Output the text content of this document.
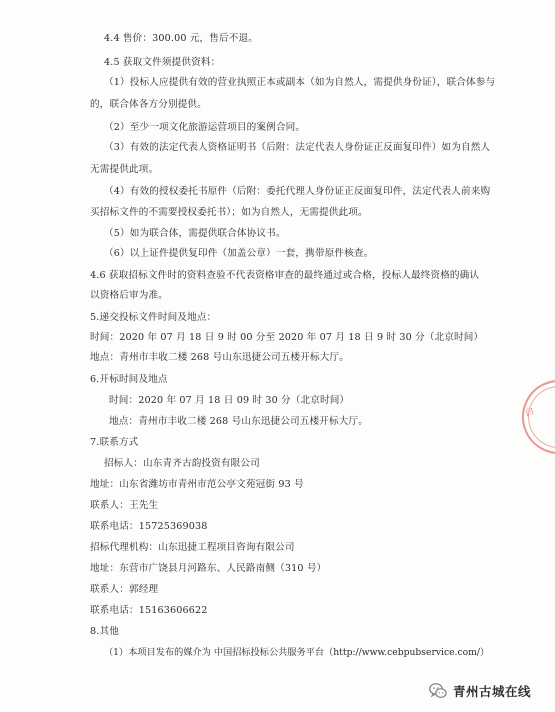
4.4 售价：300.00 元，售后不退。
4.5 获取文件须提供资料：
（1）投标人应提供有效的营业执照正本或副本（如为自然人，需提供身份证），联合体参与
的，联合体各方分别提供。
（2）至少一项文化旅游运营项目的案例合同。
（3）有效的法定代表人资格证明书（后附：法定代表人身份证正反面复印件）如为自然人
无需提供此项。
（4）有效的授权委托书原件（后附：委托代理人身份证正反面复印件，法定代表人前来购
买招标文件的不需要授权委托书）；如为自然人，无需提供此项。
（5）如为联合体，需提供联合体协议书。
（6）以上证件提供复印件（加盖公章）一套，携带原件核查。
4.6 获取招标文件时的资料查验不代表资格审查的最终通过或合格，投标人最终资格的确认
以资格后审为准。
5.递交投标文件时间及地点：
时间：2020 年 07 月 18 日 9 时 00 分至 2020 年 07 月 18 日 9 时 30 分（北京时间）
地点：青州市丰收二楼 268 号山东迅捷公司五楼开标大厅。
6.开标时间及地点
时间：2020 年 07 月 18 日 09 时 30 分（北京时间）
地点：青州市丰收二楼 268 号山东迅捷公司五楼开标大厅。
7.联系方式
招标人：山东青齐古韵投资有限公司
地址：山东省潍坊市青州市范公亭文苑冠街 93 号
联系人：王先生
联系电话：15725369038
招标代理机构：山东迅捷工程项目咨询有限公司
地址：东营市广饶县月河路东、人民路南侧（310 号）
联系人：郭经理
联系电话：15163606622
8.其他
（1）本项目发布的媒介为 中国招标投标公共服务平台（http://www.cebpubservice.com/）
白
青州古城在线
